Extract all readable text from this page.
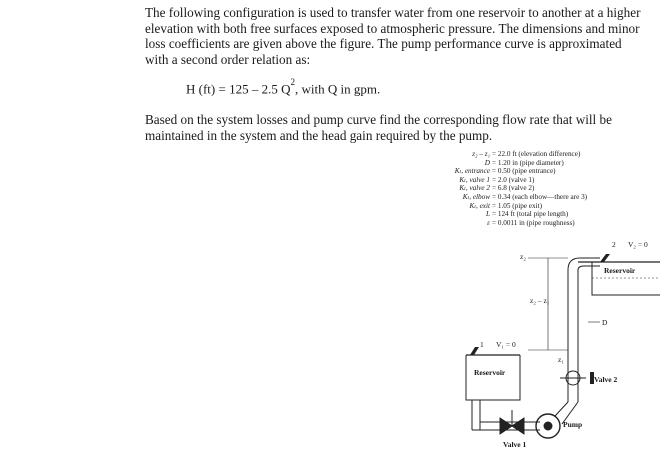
The following configuration is used to transfer water from one reservoir to another at a higher elevation with both free surfaces exposed to atmospheric pressure. The dimensions and minor loss coefficients are given above the figure. The pump performance curve is approximated with a second order relation as:

H (ft) = 125 – 2.5 $Q^2$, with Q in gpm.

Based on the system losses and pump curve find the corresponding flow rate that will be maintained in the system and the head gain required by the pump.

z₂ – z₁ = 22.0 ft (elevation difference)
D = 1.20 in (pipe diameter)
Kₗ, entrance = 0.50 (pipe entrance)
Kₗ, valve 1 = 2.0 (valve 1)
Kₗ, valve 2 = 6.8 (valve 2)
Kₗ, elbow = 0.34 (each elbow—there are 3)
Kₗ, exit = 1.05 (pipe exit)
L = 124 ft (total pipe length)
ε = 0.0011 in (pipe roughness)
2 V₂ = 0
Reservoir
z₂
z₂ – z₁
D
1 V₁ = 0
Reservoir
z₁
Valve 2
Pump
Valve 1
